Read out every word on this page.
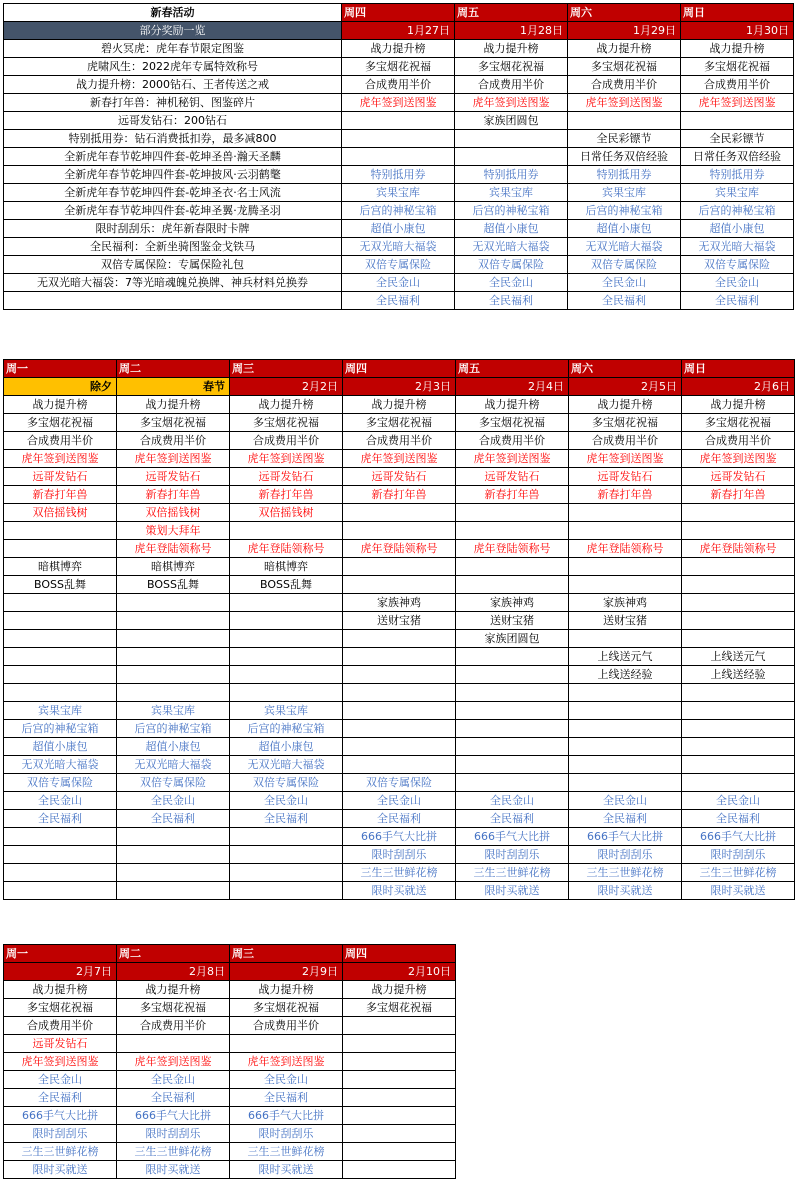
新春活动	周四	周五	周六	周日
部分奖励一览	1月27日	1月28日	1月29日	1月30日
碧火冥虎：虎年春节限定图鉴	战力提升榜	战力提升榜	战力提升榜	战力提升榜
虎啸风生：2022虎年专属特效称号	多宝烟花祝福	多宝烟花祝福	多宝烟花祝福	多宝烟花祝福
战力提升榜：2000钻石、王者传送之戒	合成费用半价	合成费用半价	合成费用半价	合成费用半价
新春打年兽：神机秘钥、图鉴碎片	虎年签到送图鉴	虎年签到送图鉴	虎年签到送图鉴	虎年签到送图鉴
远哥发钻石：200钻石		家族团圆包		
特别抵用券：钻石消费抵扣券，最多减800			全民彩镖节	全民彩镖节
全新虎年春节乾坤四件套-乾坤圣兽·瀚天圣麟			日常任务双倍经验	日常任务双倍经验
全新虎年春节乾坤四件套-乾坤披风·云羽鹤氅	特别抵用券	特别抵用券	特别抵用券	特别抵用券
全新虎年春节乾坤四件套-乾坤圣衣·名士风流	宾果宝库	宾果宝库	宾果宝库	宾果宝库
全新虎年春节乾坤四件套-乾坤圣翼·龙腾圣羽	后宫的神秘宝箱	后宫的神秘宝箱	后宫的神秘宝箱	后宫的神秘宝箱
限时刮刮乐：虎年新春限时卡牌	超值小康包	超值小康包	超值小康包	超值小康包
全民福利：全新坐骑图鉴金戈铁马	无双光暗大福袋	无双光暗大福袋	无双光暗大福袋	无双光暗大福袋
双倍专属保险：专属保险礼包	双倍专属保险	双倍专属保险	双倍专属保险	双倍专属保险
无双光暗大福袋：7等光暗魂魄兑换牌、神兵材料兑换券	全民金山	全民金山	全民金山	全民金山
	全民福利	全民福利	全民福利	全民福利
周一	周二	周三	周四	周五	周六	周日
除夕	春节	2月2日	2月3日	2月4日	2月5日	2月6日
战力提升榜	战力提升榜	战力提升榜	战力提升榜	战力提升榜	战力提升榜	战力提升榜
多宝烟花祝福	多宝烟花祝福	多宝烟花祝福	多宝烟花祝福	多宝烟花祝福	多宝烟花祝福	多宝烟花祝福
合成费用半价	合成费用半价	合成费用半价	合成费用半价	合成费用半价	合成费用半价	合成费用半价
虎年签到送图鉴	虎年签到送图鉴	虎年签到送图鉴	虎年签到送图鉴	虎年签到送图鉴	虎年签到送图鉴	虎年签到送图鉴
远哥发钻石	远哥发钻石	远哥发钻石	远哥发钻石	远哥发钻石	远哥发钻石	远哥发钻石
新春打年兽	新春打年兽	新春打年兽	新春打年兽	新春打年兽	新春打年兽	新春打年兽
双倍摇钱树	双倍摇钱树	双倍摇钱树				
	策划大拜年					
	虎年登陆领称号	虎年登陆领称号	虎年登陆领称号	虎年登陆领称号	虎年登陆领称号	虎年登陆领称号
暗棋博弈	暗棋博弈	暗棋博弈				
BOSS乱舞	BOSS乱舞	BOSS乱舞				
			家族神鸡	家族神鸡	家族神鸡	
			送财宝猪	送财宝猪	送财宝猪	
				家族团圆包		
					上线送元气	上线送元气
					上线送经验	上线送经验

宾果宝库	宾果宝库	宾果宝库				
后宫的神秘宝箱	后宫的神秘宝箱	后宫的神秘宝箱				
超值小康包	超值小康包	超值小康包				
无双光暗大福袋	无双光暗大福袋	无双光暗大福袋				
双倍专属保险	双倍专属保险	双倍专属保险	双倍专属保险			
全民金山	全民金山	全民金山	全民金山	全民金山	全民金山	全民金山
全民福利	全民福利	全民福利	全民福利	全民福利	全民福利	全民福利
			666手气大比拼	666手气大比拼	666手气大比拼	666手气大比拼
			限时刮刮乐	限时刮刮乐	限时刮刮乐	限时刮刮乐
			三生三世鲜花榜	三生三世鲜花榜	三生三世鲜花榜	三生三世鲜花榜
			限时买就送	限时买就送	限时买就送	限时买就送
周一	周二	周三	周四
2月7日	2月8日	2月9日	2月10日
战力提升榜	战力提升榜	战力提升榜	战力提升榜
多宝烟花祝福	多宝烟花祝福	多宝烟花祝福	多宝烟花祝福
合成费用半价	合成费用半价	合成费用半价	
远哥发钻石			
虎年签到送图鉴	虎年签到送图鉴	虎年签到送图鉴	
全民金山	全民金山	全民金山	
全民福利	全民福利	全民福利	
666手气大比拼	666手气大比拼	666手气大比拼	
限时刮刮乐	限时刮刮乐	限时刮刮乐	
三生三世鲜花榜	三生三世鲜花榜	三生三世鲜花榜	
限时买就送	限时买就送	限时买就送	
